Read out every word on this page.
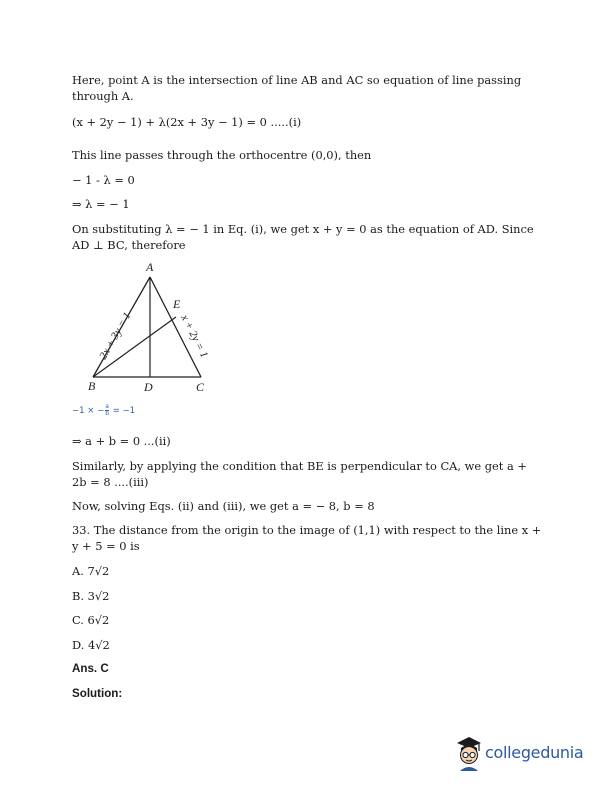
Here, point A is the intersection of line AB and AC so equation of line passing through A.
(x + 2y − 1) + λ(2x + 3y − 1) = 0 .....(i)
This line passes through the orthocentre (0,0), then
− 1 - λ = 0
⇒ λ = − 1
On substituting λ = − 1 in Eq. (i), we get x + y = 0 as the equation of AD. Since AD ⊥ BC, therefore
A
B	D	C
E
2x + 3y = 1	x + 2y = 1
−1 × − $\frac{a}{b} = -1$
⇒ a + b = 0 ...(ii)
Similarly, by applying the condition that BE is perpendicular to CA, we get a + 2b = 8 ....(iii)
Now, solving Eqs. (ii) and (iii), we get a = − 8, b = 8
33. The distance from the origin to the image of (1,1) with respect to the line x + y + 5 = 0 is
A. 7√2
B. 3√2
C. 6√2
D. 4√2
Ans. C
Solution:
collegedunia
